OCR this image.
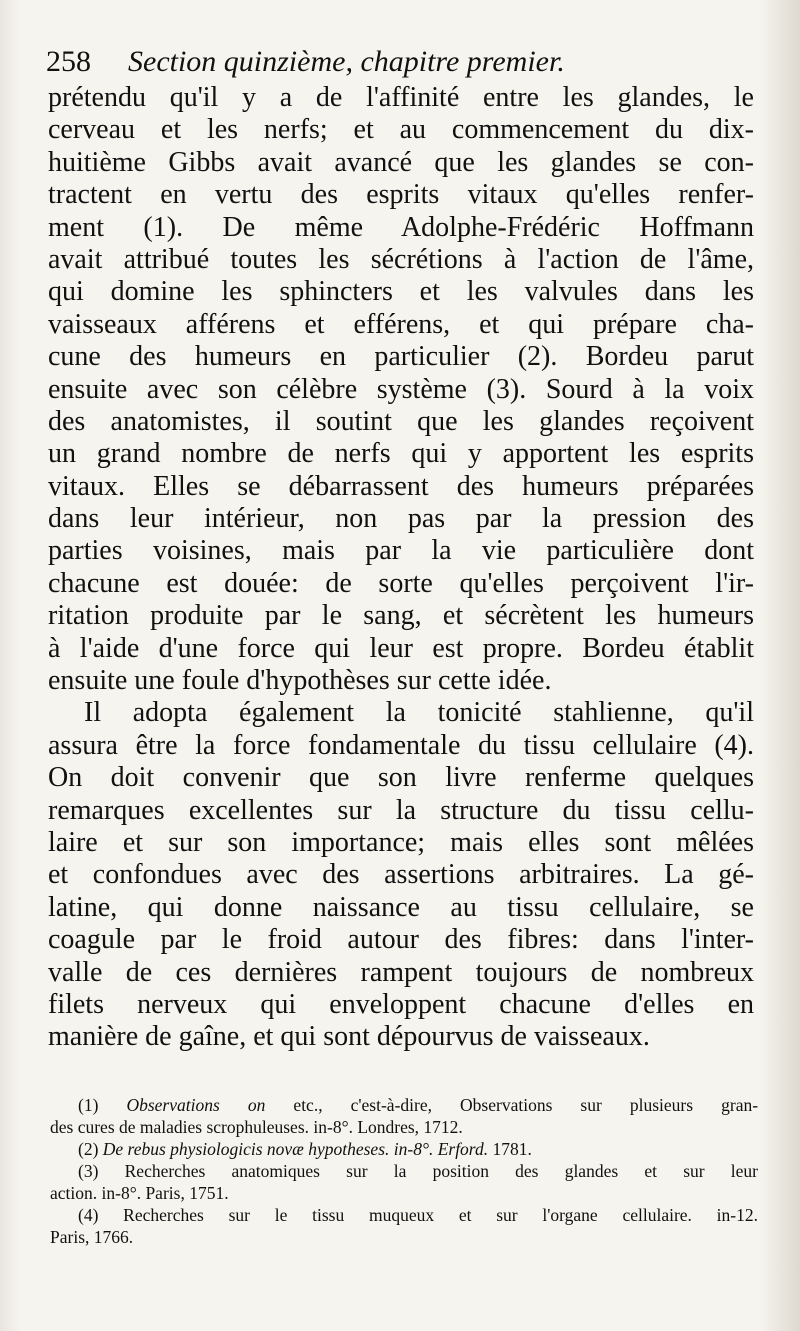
258 Section quinzième, chapitre premier.
prétendu qu'il y a de l'affinité entre les glandes, le
cerveau et les nerfs; et au commencement du dix-
huitième Gibbs avait avancé que les glandes se con-
tractent en vertu des esprits vitaux qu'elles renfer-
ment (1). De même Adolphe-Frédéric Hoffmann
avait attribué toutes les sécrétions à l'action de l'âme,
qui domine les sphincters et les valvules dans les
vaisseaux afférens et efférens, et qui prépare cha-
cune des humeurs en particulier (2). Bordeu parut
ensuite avec son célèbre système (3). Sourd à la voix
des anatomistes, il soutint que les glandes reçoivent
un grand nombre de nerfs qui y apportent les esprits
vitaux. Elles se débarrassent des humeurs préparées
dans leur intérieur, non pas par la pression des
parties voisines, mais par la vie particulière dont
chacune est douée: de sorte qu'elles perçoivent l'ir-
ritation produite par le sang, et sécrètent les humeurs
à l'aide d'une force qui leur est propre. Bordeu établit
ensuite une foule d'hypothèses sur cette idée.
Il adopta également la tonicité stahlienne, qu'il
assura être la force fondamentale du tissu cellulaire (4).
On doit convenir que son livre renferme quelques
remarques excellentes sur la structure du tissu cellu-
laire et sur son importance; mais elles sont mêlées
et confondues avec des assertions arbitraires. La gé-
latine, qui donne naissance au tissu cellulaire, se
coagule par le froid autour des fibres: dans l'inter-
valle de ces dernières rampent toujours de nombreux
filets nerveux qui enveloppent chacune d'elles en
manière de gaîne, et qui sont dépourvus de vaisseaux.
(1) Observations on etc., c'est-à-dire, Observations sur plusieurs gran-
des cures de maladies scrophuleuses. in-8°. Londres, 1712.
(2) De rebus physiologicis novæ hypotheses. in-8°. Erford. 1781.
(3) Recherches anatomiques sur la position des glandes et sur leur
action. in-8°. Paris, 1751.
(4) Recherches sur le tissu muqueux et sur l'organe cellulaire. in-12.
Paris, 1766.
